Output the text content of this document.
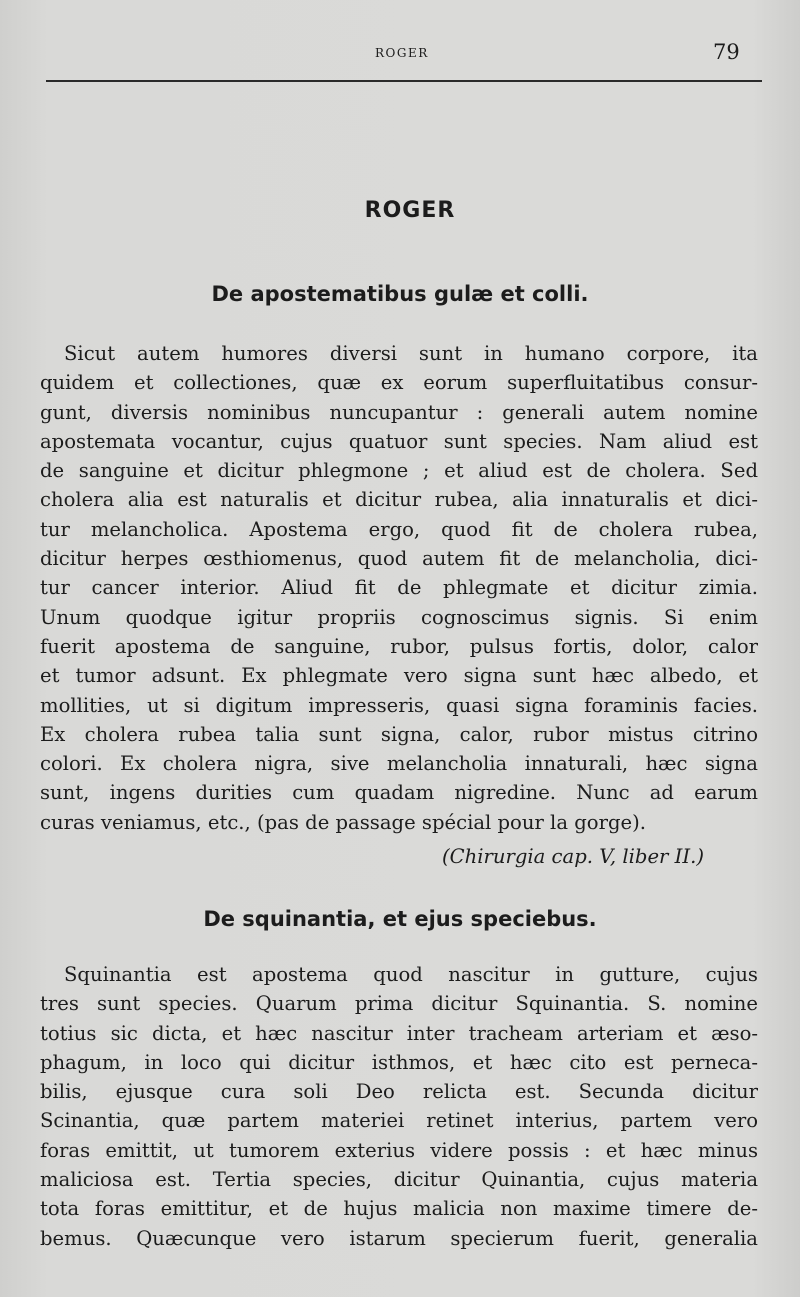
ROGER	79
ROGER
De apostematibus gulæ et colli.

Sicut autem humores diversi sunt in humano corpore, ita

quidem et collectiones, quæ ex eorum superfluitatibus consur-

gunt, diversis nominibus nuncupantur : generali autem nomine

apostemata vocantur, cujus quatuor sunt species. Nam aliud est

de sanguine et dicitur phlegmone ; et aliud est de cholera. Sed

cholera alia est naturalis et dicitur rubea, alia innaturalis et dici-

tur melancholica. Apostema ergo, quod fit de cholera rubea,

dicitur herpes œsthiomenus, quod autem fit de melancholia, dici-

tur cancer interior. Aliud fit de phlegmate et dicitur zimia.

Unum quodque igitur propriis cognoscimus signis. Si enim

fuerit apostema de sanguine, rubor, pulsus fortis, dolor, calor

et tumor adsunt. Ex phlegmate vero signa sunt hæc albedo, et

mollities, ut si digitum impresseris, quasi signa foraminis facies.

Ex cholera rubea talia sunt signa, calor, rubor mistus citrino

colori. Ex cholera nigra, sive melancholia innaturali, hæc signa

sunt, ingens durities cum quadam nigredine. Nunc ad earum

curas veniamus, etc., (pas de passage spécial pour la gorge).

(Chirurgia cap. V, liber II.)
De squinantia, et ejus speciebus.

Squinantia est apostema quod nascitur in gutture, cujus

tres sunt species. Quarum prima dicitur Squinantia. S. nomine

totius sic dicta, et hæc nascitur inter tracheam arteriam et æso-

phagum, in loco qui dicitur isthmos, et hæc cito est perneca-

bilis, ejusque cura soli Deo relicta est. Secunda dicitur

Scinantia, quæ partem materiei retinet interius, partem vero

foras emittit, ut tumorem exterius videre possis : et hæc minus

maliciosa est. Tertia species, dicitur Quinantia, cujus materia

tota foras emittitur, et de hujus malicia non maxime timere de-

bemus. Quæcunque vero istarum specierum fuerit, generalia
